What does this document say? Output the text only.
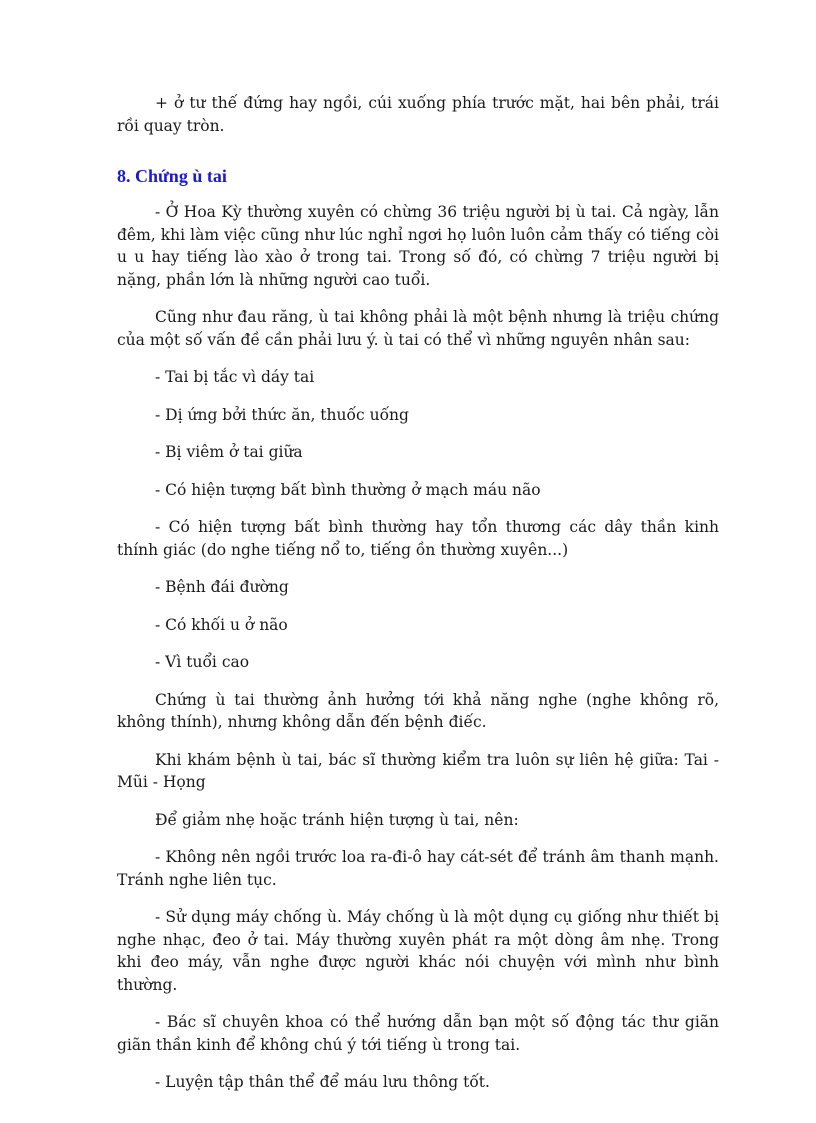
+ ở tư thế đứng hay ngồi, cúi xuống phía trước mặt, hai bên phải, trái rồi quay tròn.

8. Chứng ù tai

- Ở Hoa Kỳ thường xuyên có chừng 36 triệu người bị ù tai. Cả ngày, lẫn đêm, khi làm việc cũng như lúc nghỉ ngơi họ luôn luôn cảm thấy có tiếng còi u u hay tiếng lào xào ở trong tai. Trong số đó, có chừng 7 triệu người bị nặng, phần lớn là những người cao tuổi.

Cũng như đau răng, ù tai không phải là một bệnh nhưng là triệu chứng của một số vấn đề cần phải lưu ý. ù tai có thể vì những nguyên nhân sau:

- Tai bị tắc vì dáy tai

- Dị ứng bởi thức ăn, thuốc uống

- Bị viêm ở tai giữa

- Có hiện tượng bất bình thường ở mạch máu não

- Có hiện tượng bất bình thường hay tổn thương các dây thần kinh thính giác (do nghe tiếng nổ to, tiếng ồn thường xuyên...)

- Bệnh đái đường

- Có khối u ở não

- Vì tuổi cao

Chứng ù tai thường ảnh hưởng tới khả năng nghe (nghe không rõ, không thính), nhưng không dẫn đến bệnh điếc.

Khi khám bệnh ù tai, bác sĩ thường kiểm tra luôn sự liên hệ giữa: Tai - Mũi - Họng

Để giảm nhẹ hoặc tránh hiện tượng ù tai, nên:

- Không nên ngồi trước loa ra-đi-ô hay cát-sét để tránh âm thanh mạnh. Tránh nghe liên tục.

- Sử dụng máy chống ù. Máy chống ù là một dụng cụ giống như thiết bị nghe nhạc, đeo ở tai. Máy thường xuyên phát ra một dòng âm nhẹ. Trong khi đeo máy, vẫn nghe được người khác nói chuyện với mình như bình thường.

- Bác sĩ chuyên khoa có thể hướng dẫn bạn một số động tác thư giãn giãn thần kinh để không chú ý tới tiếng ù trong tai.

- Luyện tập thân thể để máu lưu thông tốt.
